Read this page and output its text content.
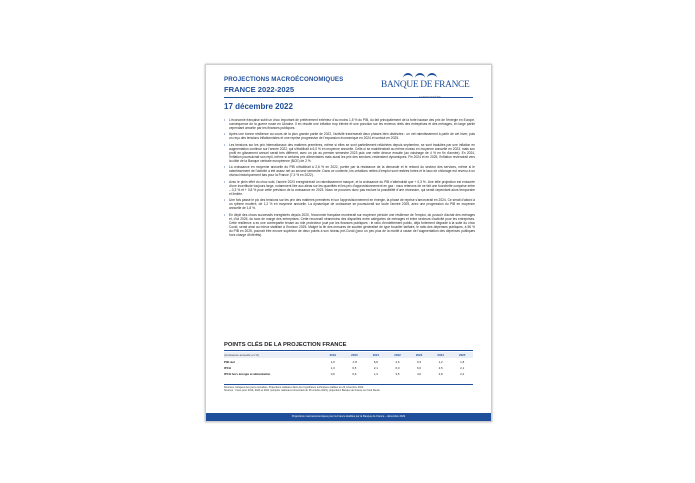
PROJECTIONS MACROÉCONOMIQUES
FRANCE 2022-2025	BANQUE DE FRANCE
EUROSYSTÈME
17 décembre 2022
• L'économie française subit un choc important de prélèvement extérieur d'au moins 1,5 % du PIB, du fait principalement de la forte hausse des prix de l'énergie en Europe, conséquence de la guerre russe en Ukraine. Il en résulte une inflation trop élevée et une ponction sur les revenus réels des entreprises et des ménages, en large partie cependant amortie par les finances publiques.
• Après une bonne résilience au cours de la plus grande partie de 2022, l'activité traverserait deux phases bien distinctes : un net ralentissement à partir de cet hiver, puis un reçu des tensions inflationnistes et une reprise progressive de l'expansion économique en 2024 et surtout en 2025.
• Les tensions sur les prix internationaux des matières premières, même si elles se sont partiellement relâchées depuis septembre, se sont traduites par une inflation en augmentation continue sur l'année 2022, qui s'établirait à 6,0 % en moyenne annuelle. Celle-ci se maintiendrait au même niveau en moyenne annuelle en 2023, mais son profil en glissement annuel serait très différent, avec un pic au premier semestre 2023 puis une nette décrue ensuite (au voisinage de 4 % en fin d'année). En 2024, l'inflation poursuivrait son repli, même si certains prix alimentaires mais aussi les prix des services, resteraient dynamiques. Fin 2024 et en 2025, l'inflation reviendrait vers la cible de la Banque centrale européenne (BCE) de 2 %.
• La croissance en moyenne annuelle du PIB s'établirait à 2,6 % en 2022, portée par la résistance de la demande et le rebond du secteur des services, même si le ralentissement de l'activité a été assez net au second semestre. Dans ce contexte, les créations nettes d'emploi sont restées fortes et le taux de chômage est revenu à un niveau historiquement bas pour la France (7,3 % en 2022).
• Avec le plein effet du choc subi, l'année 2023 enregistrerait un ralentissement marqué, et la croissance du PIB n'atteindrait que + 0,3 %. Une telle projection est entourée d'une incertitude toujours large, notamment liée aux aléas sur les quantités et les prix d'approvisionnement en gaz : nous retenons de ne fait une fourchette comprise entre – 0,3 % et + 0,8 % pour cette prévision de la croissance en 2023. Nous ne pouvons donc pas exclure la possibilité d'une récession, qui serait cependant alors temporaire et limitée.
• Une fois passé le pic des tensions sur les prix des matières premières et sur l'approvisionnement en énergie, la phase de reprise s'amorcerait en 2024. Ce serait d'abord à un rythme modéré, de 1,2 % en moyenne annuelle. La dynamique de croissance se poursuivrait sur toute l'année 2025, avec une progression du PIB en moyenne annuelle de 1,8 %.
• En dépit des chocs successifs enregistrés depuis 2020, l'économie française montrerait sur moyenne période une résilience de l'emploi, du pouvoir d'achat des ménages et, d'ici 2025, du taux de marge des entreprises. Cette reconnaît néanmoins des disparités entre catégories de ménages et entre secteurs d'activité pour les entreprises. Cette résilience a eu une contrepartie tenant au rôle protecteur joué par les finances publiques : le ratio d'endettement public, déjà fortement dégradé à la suite du choc Covid, serait ainsi au mieux stabilisé à l'horizon 2025. Malgré la fin des mesures de soutien généralisé de type bouclier tarifaire, le ratio des dépenses publiques, à 56 % du PIB en 2025, pourrait être encore supérieur de deux points à son niveau pré-Covid (pour un peu plus de la moitié à cause de l'augmentation des dépenses publiques hors charge d'intérêts).
POINTS CLÉS DE LA PROJECTION FRANCE
(croissance annuelle en %)	2019	2020	2021	2022	2023	2024	2025
PIB réel	1,9	-7,8	6,8	2,6	0,3	1,2	1,8
IPCH	1,3	0,5	2,1	6,0	6,0	2,5	2,1
IPCH hors énergie et alimentation	0,6	0,6	1,3	3,5	4,0	2,8	2,2
Données corrigées des jours ouvrables. Projections réalisées dans des hypothèses techniques établies au 23 novembre 2022.
Sources : Insee pour 2019, 2020 et 2021 (comptes nationaux trimestriels du 28 octobre 2022), projections Banque de France sur fond bleuté.
Projections macroéconomiques pour la France établies par la Banque de France – décembre 2022
